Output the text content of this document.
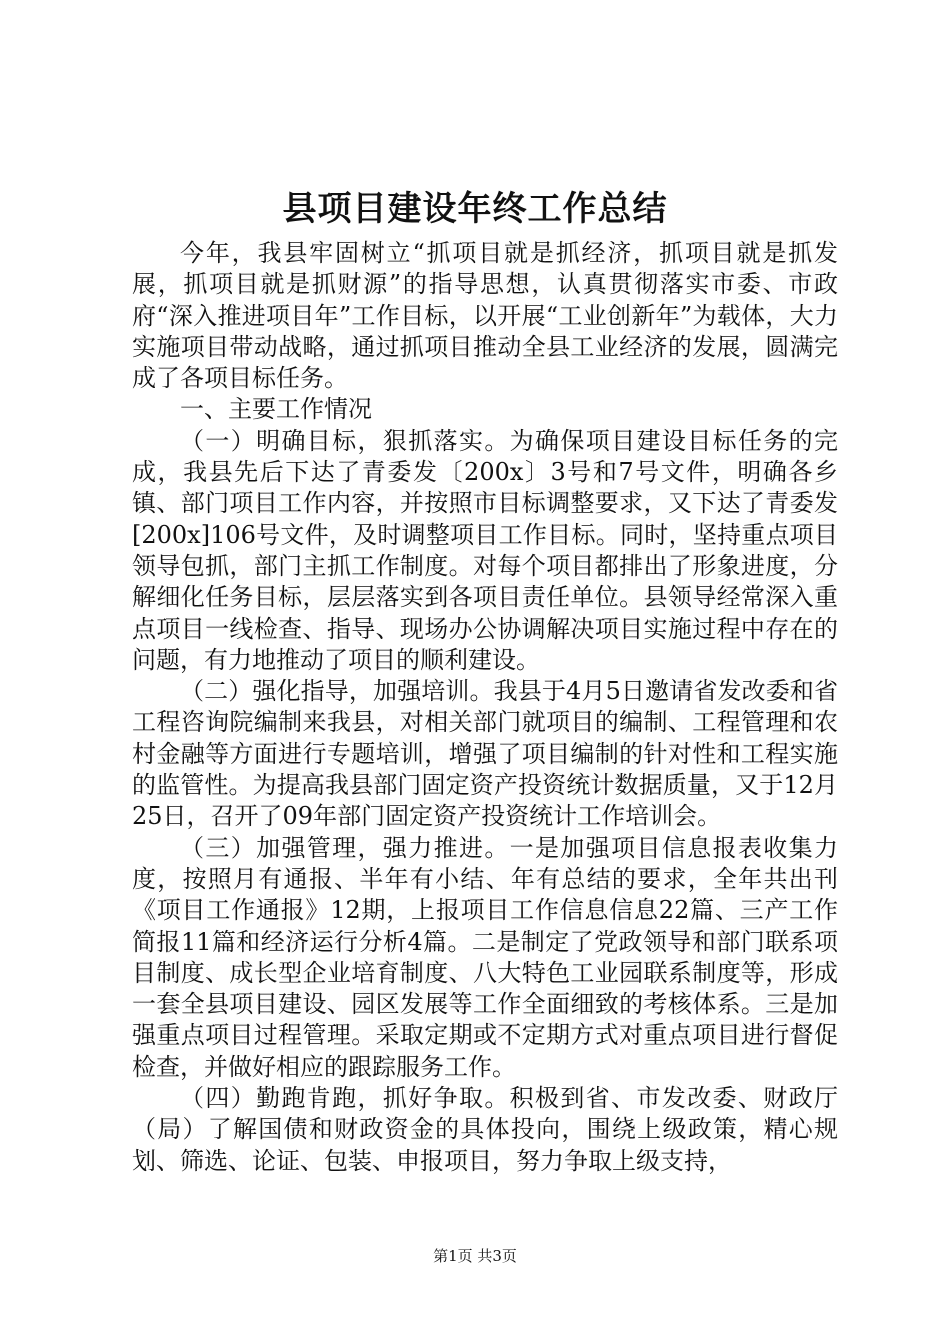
县项目建设年终工作总结

今年，我县牢固树立“抓项目就是抓经济，抓项目就是抓发展，抓项目就是抓财源”的指导思想，认真贯彻落实市委、市政府“深入推进项目年”工作目标，以开展“工业创新年”为载体，大力实施项目带动战略，通过抓项目推动全县工业经济的发展，圆满完成了各项目标任务。

一、主要工作情况

（一）明确目标，狠抓落实。为确保项目建设目标任务的完成，我县先后下达了青委发〔200x〕3号和7号文件，明确各乡镇、部门项目工作内容，并按照市目标调整要求，又下达了青委发[200x]106号文件，及时调整项目工作目标。同时，坚持重点项目领导包抓，部门主抓工作制度。对每个项目都排出了形象进度，分解细化任务目标，层层落实到各项目责任单位。县领导经常深入重点项目一线检查、指导、现场办公协调解决项目实施过程中存在的问题，有力地推动了项目的顺利建设。

（二）强化指导，加强培训。我县于4月5日邀请省发改委和省工程咨询院编制来我县，对相关部门就项目的编制、工程管理和农村金融等方面进行专题培训，增强了项目编制的针对性和工程实施的监管性。为提高我县部门固定资产投资统计数据质量，又于12月25日，召开了09年部门固定资产投资统计工作培训会。

（三）加强管理，强力推进。一是加强项目信息报表收集力度，按照月有通报、半年有小结、年有总结的要求，全年共出刊《项目工作通报》12期，上报项目工作信息信息22篇、三产工作简报11篇和经济运行分析4篇。二是制定了党政领导和部门联系项目制度、成长型企业培育制度、八大特色工业园联系制度等，形成一套全县项目建设、园区发展等工作全面细致的考核体系。三是加强重点项目过程管理。采取定期或不定期方式对重点项目进行督促检查，并做好相应的跟踪服务工作。

（四）勤跑肯跑，抓好争取。积极到省、市发改委、财政厅（局）了解国债和财政资金的具体投向，围绕上级政策，精心规划、筛选、论证、包装、申报项目，努力争取上级支持，

第1页 共3页
